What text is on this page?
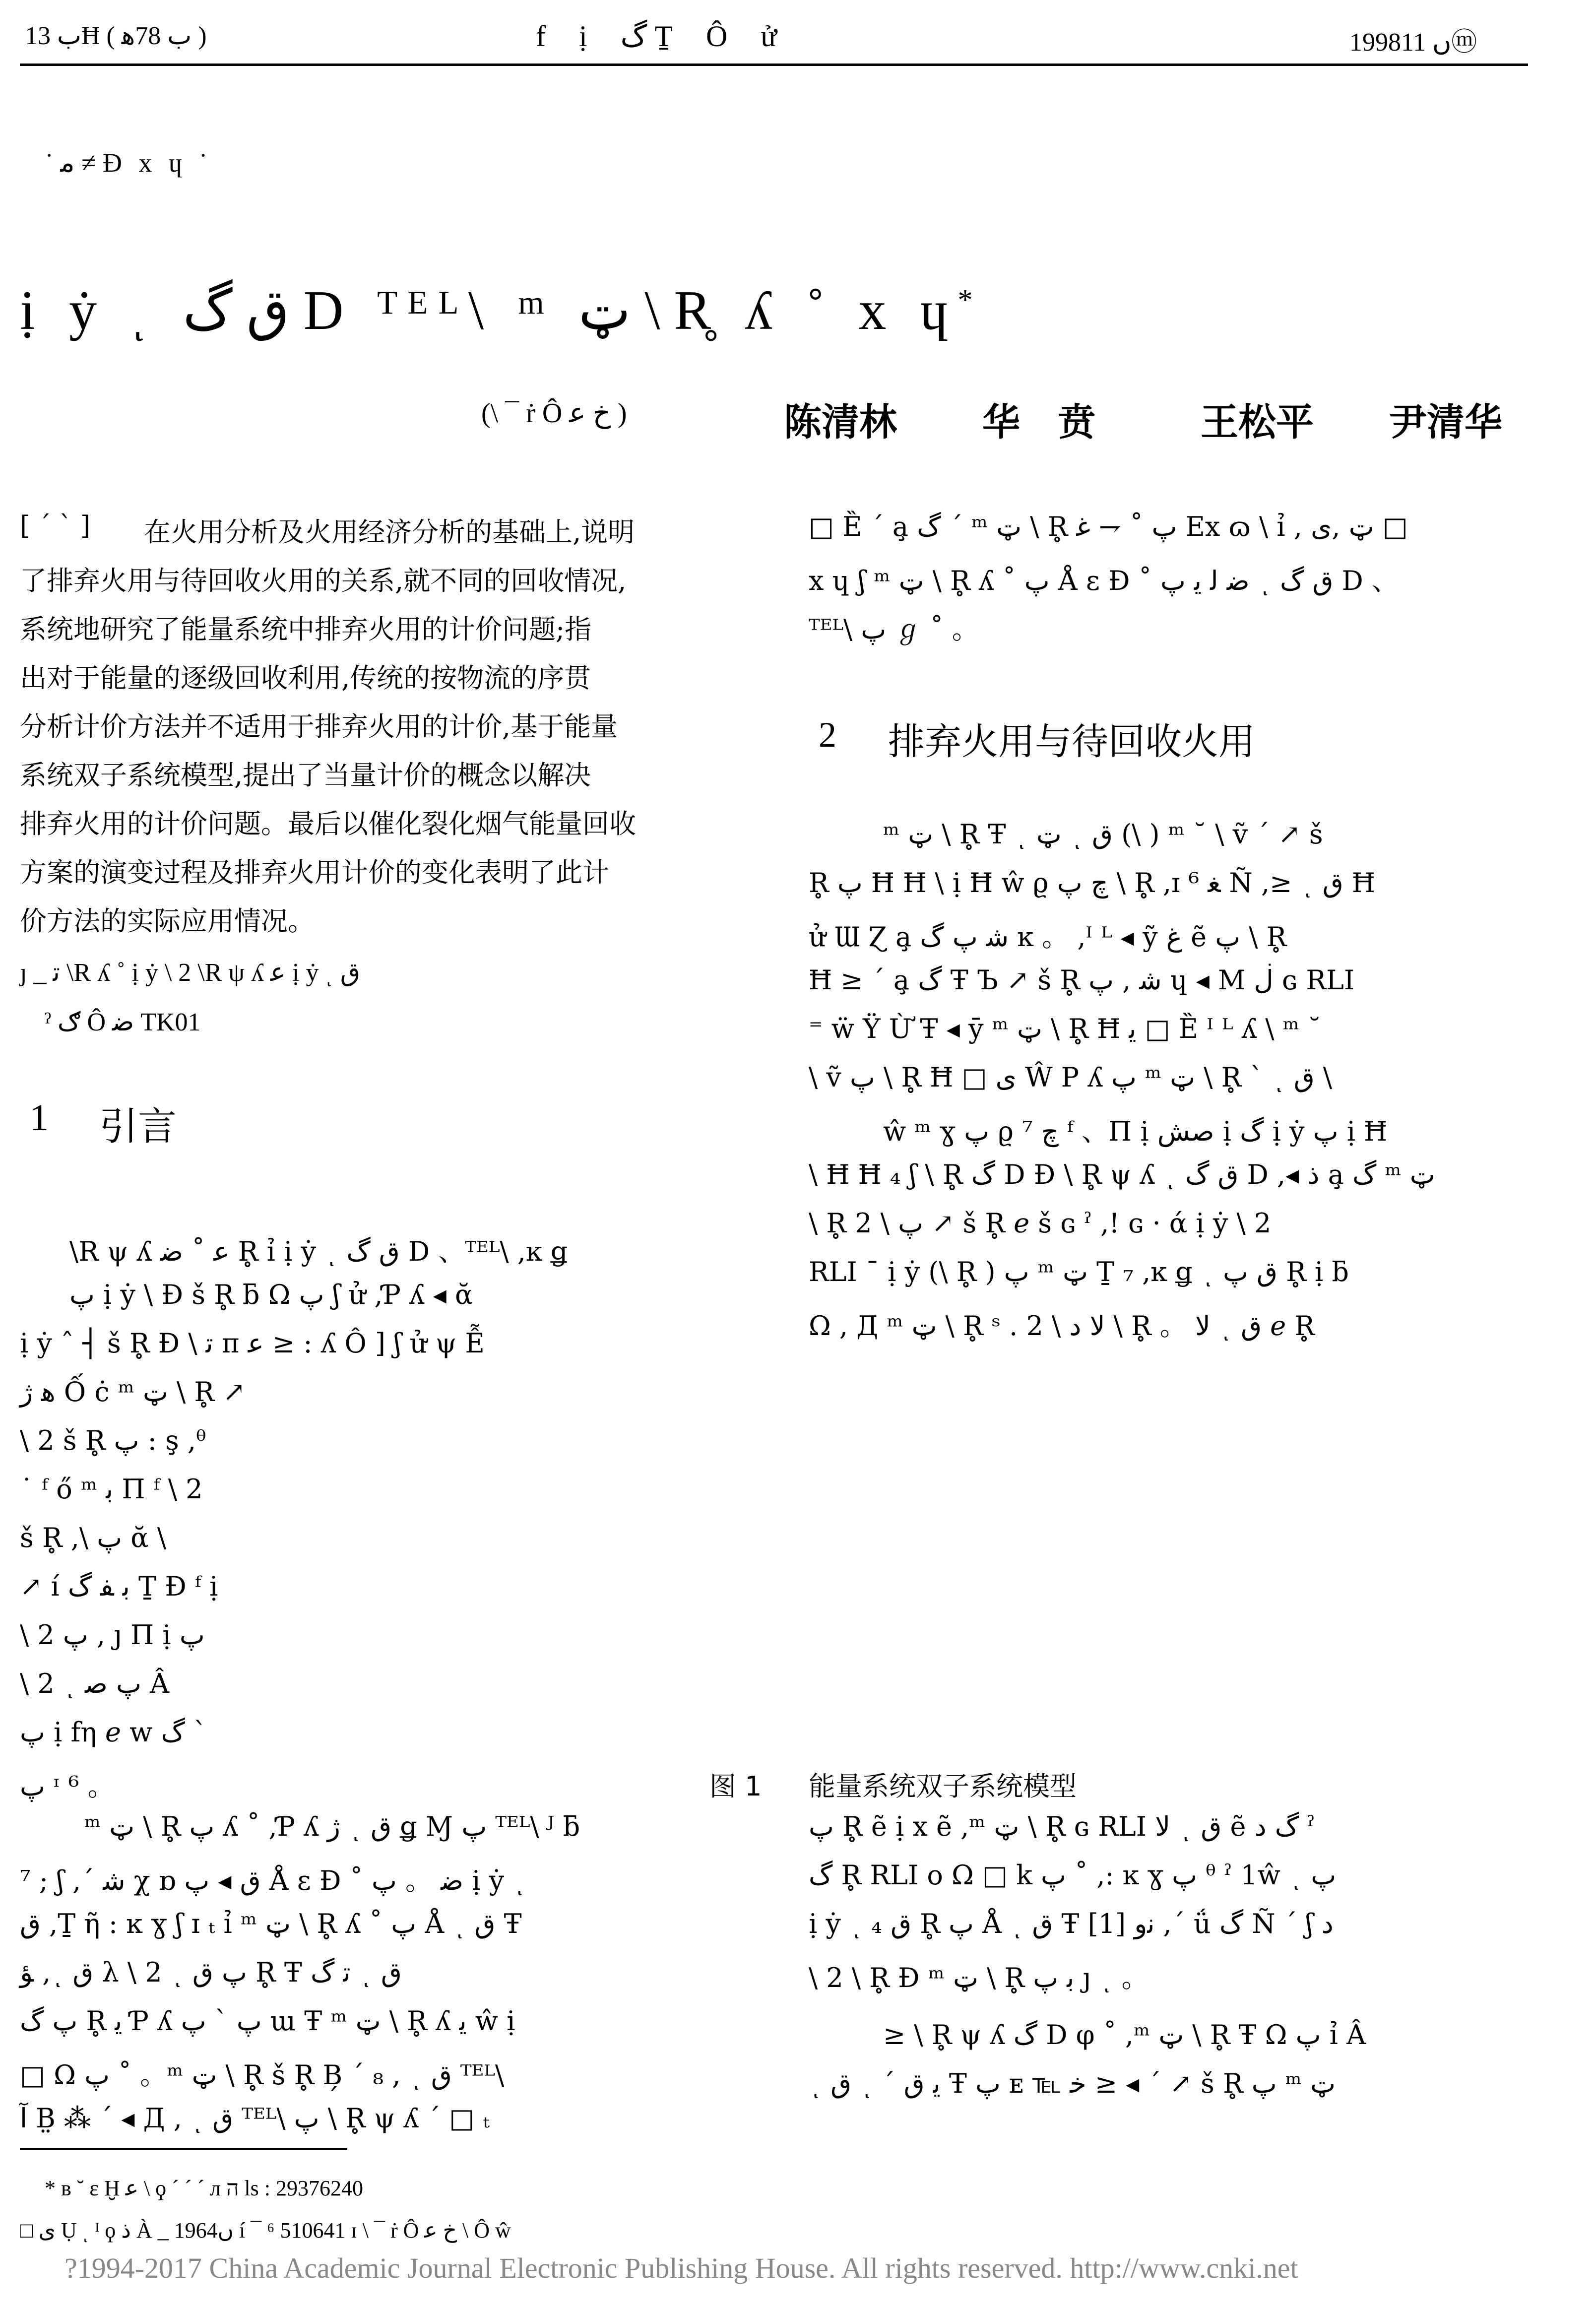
ب 13Ħ ( ب 78ﻫ )	f ị گ Ṯ Ô ử	1998ں 11ⓜ
˙ ﻣ ≠ Ɖ x ɥ ˙
ị ẏ ͺ ﻕ گ D ᵀᴱᴸ\ ᵐ ټ \ R̥ ʎ ˚ x ɥ*
(\ ¯ ṙ Ô ﺥ ﻋ )	陈清林 华　贲	王松平 尹清华
[ ˊ ˋ ] 在火用分析及火用经济分析的基础上,说明
了排弃火用与待回收火用的关系,就不同的回收情况,
系统地研究了能量系统中排弃火用的计价问题;指
出对于能量的逐级回收利用,传统的按物流的序贯
分析计价方法并不适用于排弃火用的计价,基于能量
系统双子系统模型,提出了当量计价的概念以解决
排弃火用的计价问题。最后以催化裂化烟气能量回收
方案的演变过程及排弃火用计价的变化表明了此计
价方法的实际应用情况。
ȷ _ ﺗ \R ʎ ˚ ị ẏ \ 2 \R ψ ʎ ﻋ ị ẏ ͺ ﻕ
ˀ ګ Ô ﺿ TK01
1 引言
\R ψ ʎ ﻋ ˚ ﺿ R̥ ỉ ị ẏ ͺ ﻕ گ D 、ᵀᴱᴸ\ ,ĸ ǥ
پ ị ẏ \ Ɖ š R̥ ƃ Ω پ ʃ ử ,Ƥ ʎ ◂ ᾰ
ị ẏ ˆ ┤ š R̥ Ɖ \ ﺗ ᴨ ﻋ ≥ : ʎ Ô ] ʃ ử ψ Ễ
ﮬ ژ Ố ċ ᵐ ټ \ R̥ ↗
\ 2 š R̥ پ : ş ,ᶿ
˙ ᶠ ő ᵐ ﺑ Π ᶠ \ 2
š R̥ ,\ پ ᾰ \
↗ í ﺑ ﻔ گ Ṯ Ɖ ᶠ ị
\ 2 ﭖ , ȷ Π ị پ
\ 2 ͺ ﭖ ﺻ Â
پ ị fη ℯ w گ ˋ
پ ᶦ ⁶ 。
ᵐ ټ \ R̥ پ ʎ ˚ ,Ƥ ʎ ژ ͺ ﻕ ǥ Ɱ پ ᵀᴱᴸ\ ᴶ ƃ
⁷ ; ʃ ,ˊ ﺷ χ ɒ ﻕ ◂ پ Å ε Ɖ ˚ ﺿ 。 ﭖ ị ẏ ͺ
ﻕ ,Ṯ ῆ : ĸ ɣ ʃ ɪ ₜ ỉ ᵐ ټ \ R̥ ʎ ˚ پ Å ͺ ﻕ Ŧ
ﺆ ,ͺ ﻕ λ \ 2 ͺ پ ﻕ R̥ Ŧ ﺗ گ ͺ ﻕ
پ گ R̥ ﻳ Ƥ ʎ پ ˋ ﭖ ɯ Ŧ ᵐ ټ \ R̥ ʎ ﻳ ŵ ị
□ Ω پ ˚ 。ᵐ ټ \ R̥ š R̥ B̗ ˊ ₈ , ͺ ﻕ ᵀᴱᴸ\
ﺁ B̤ ⁂ ˊ ◂ Д , ͺ ﻕ ᵀᴱᴸ\ پ \ R̥ ψ ʎ ˊ □ ₜ
□ Ȅ ˊ a̧ گ ˊ ᵐ ټ \ R̥ پ ˚ ⇁ ﻏ Ex ɷ \ ỉ , ټ ,ی □
x ɥ ʃ ᵐ ټ \ R̥ ʎ ˚ پ Å ε Ɖ ˚ ﺿ ﻟ ﻳ ﭖ ͺ ﻕ گ D 、
ᵀᴱᴸ\ پ ℊ ˚ 。
2 排弃火用与待回收火用
ᵐ ټ \ R̥ Ŧ ͺ ټ ͺ ﻕ (\ ) ᵐ ˘ \ ṽ ˊ ↗ š
R̥ پ Ħ Ħ \ ị Ħ ŵ ϱ ﭺ پ \ R̥ ,ɪ ⁶ ﻐ Ñ ,≥ ͺ ﻕ Ħ
ử Ɯ Ɀ a̧ ﺷ پ گ ĸ 。 ,ᴵ ᴸ ◂ ỹ ﻍ ẽ پ \ R̥
Ħ ≥ ˊ a̧ گ Ŧ Ъ ↗ š R̥ ﺷ , ﭖ ɥ ◂ M ڶ ɢ RLI
⁼ ẅ Ÿ Ừ Ŧ ◂ ȳ ᵐ ټ \ R̥ Ħ ﻳ □ Ȅ ᴵ ᴸ ʎ \ ᵐ ˘
\ ṽ پ \ R̥ Ħ □ ی Ŵ P ʎ پ ᵐ ټ \ R̥ ˋ ͺ ﻕ \
ŵ ᵐ ɣ پ ϱ ﭺ ⁷ ᶠ 、Π ị ﺻﺶ ị گ ị ẏ پ ị Ħ
\ Ħ Ħ ₄ ʃ \ R̥ گ D Ɖ \ R̥ ψ ʎ ͺ ﻕ گ D ,◂ ﺫ a̧ گ ᵐ ټ
\ R̥ پ \ 2 ↗ š R̥ ℯ š ɢ ˀ ,! ɢ · ά ị ẏ \ 2
RLI ˉ ị ẏ (\ R̥ ) پ ᵐ ټ Ṯ ₇ ,ĸ ǥ ͺ ﻕ پ R̥ ị ƃ
Ω , Д ᵐ ټ \ R̥ ˢ . ﻻ ﺩ \ 2 \ R̥ 。 ﻻ ͺ ﻕ ℯ R̥
图 1 能量系统双子系统模型
پ R̥ ẽ ị x ẽ ,ᵐ ټ \ R̥ ɢ RLI ﻻ ͺ ﻕ ẽ گ ﺩ ˀ
گ R̥ RLI ο Ω □ k پ ˚ ,: ĸ ɣ پ ᶿ ˀ 1ŵ ͺ پ
ị ẏ ͺ ﻕ ₄ R̥ پ Å ͺ ﻕ Ŧ ﻧﻭ [1] ,ˊ ǘ گ Ñ ˊ ʃ ﺩ
\ 2 \ R̥ Ɖ ᵐ ټ \ R̥ ﺑ پ ȷ ͺ 。
≥ \ R̥ ψ ʎ گ D φ ˚ ,ᵐ ټ \ R̥ Ŧ Ω ﭖ ỉ Â
ͺ ﻕ ͺ ˊ ﻳ ﻕ Ŧ ﭖ ᴇ ℡ ﺧ ≥ ◂ ˊ ↗ š R̥ پ ᵐ ټ
* ʙ ˘ ε Ḫ ﻋ \ ϙ ˊ ˊ ˊ ᴫ ה ls : 29376240
□ ی Ụ ͺ ᴵ ϙ ﺫ À _ 1964ں í ¯ ⁶ 510641 ɪ \ ¯ ṙ Ô ﺥ ﻋ \ Ô ŵ
?1994-2017 China Academic Journal Electronic Publishing House. All rights reserved. http://www.cnki.net
